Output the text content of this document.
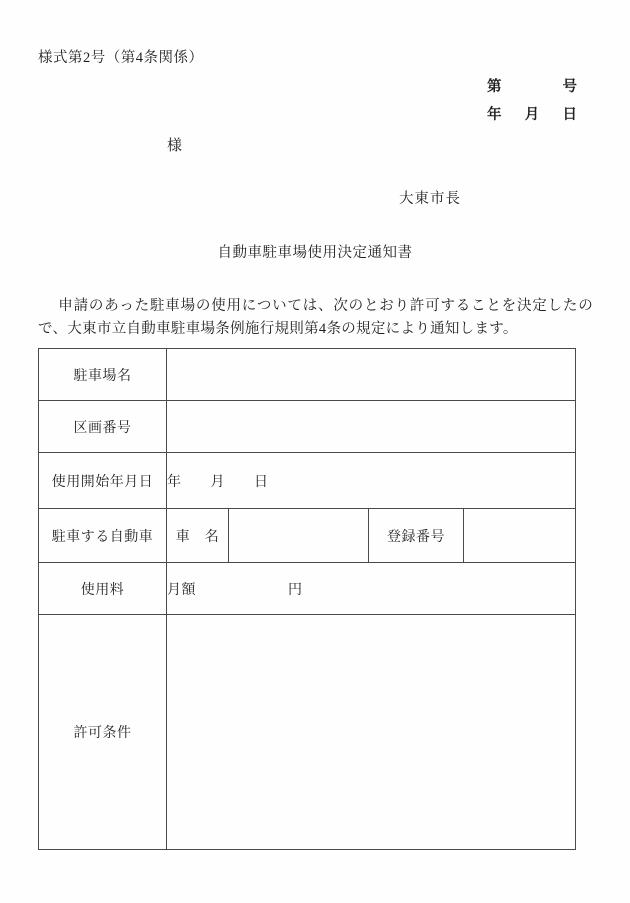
様式第2号（第4条関係）
第	号
年 月 日
様
大東市長
自動車駐車場使用決定通知書

申請のあった駐車場の使用については、次のとおり許可することを決定したので、大東市立自動車駐車場条例施行規則第4条の規定により通知します。

駐車場名				
区画番号				
使用開始年月日	年　　月　　日			
駐車する自動車	車　名		登録番号	
使用料	月額 円			
許可条件				
